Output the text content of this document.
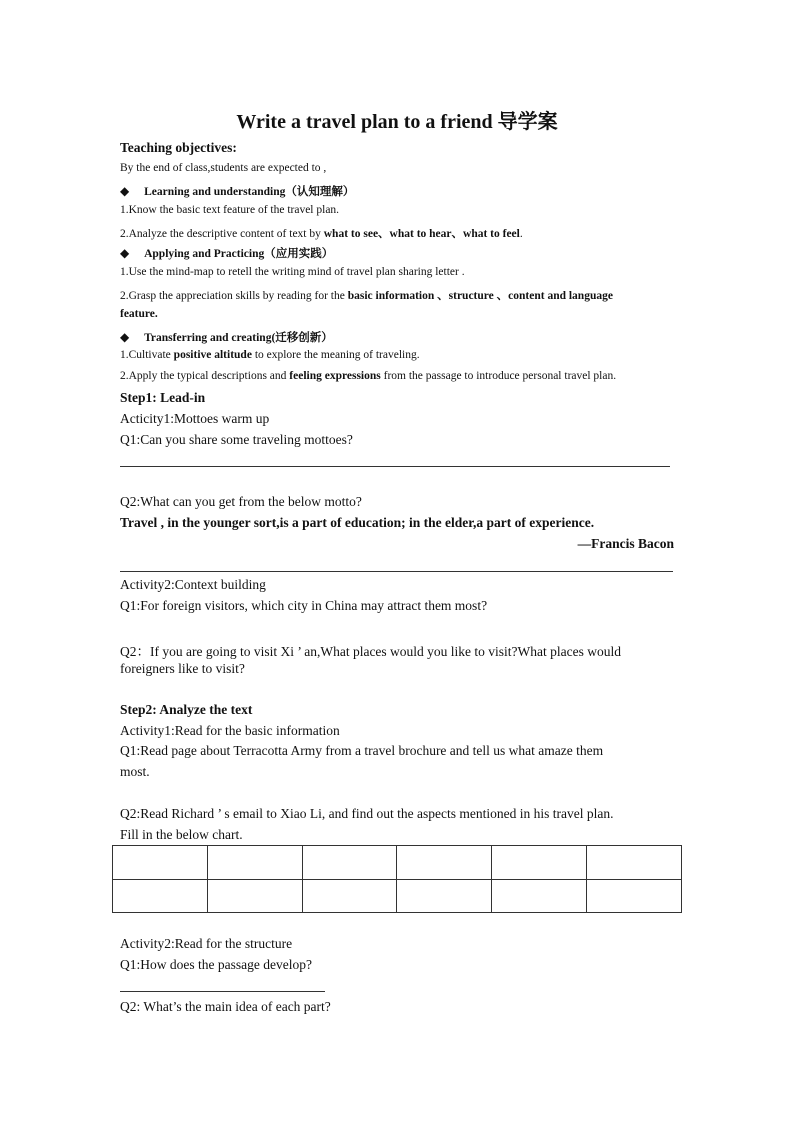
Write a travel plan to a friend 导学案
Teaching objectives:
By the end of class,students are expected to ,
◆ Learning and understanding（认知理解）
1.Know the basic text feature of the travel plan.
2.Analyze the descriptive content of text by what to see、what to hear、what to feel.
◆ Applying and Practicing（应用实践）
1.Use the mind-map to retell the writing mind of travel plan sharing letter .
2.Grasp the appreciation skills by reading for the basic information 、structure 、content and language
feature.
◆ Transferring and creating(迁移创新）
1.Cultivate positive altitude to explore the meaning of traveling.
2.Apply the typical descriptions and feeling expressions from the passage to introduce personal travel plan.
Step1: Lead-in
Acticity1:Mottoes warm up
Q1:Can you share some traveling mottoes?
Q2:What can you get from the below motto?
Travel , in the younger sort,is a part of education; in the elder,a part of experience.
—Francis Bacon
Activity2:Context building
Q1:For foreign visitors, which city in China may attract them most?
Q2：If you are going to visit Xi ’ an,What places would you like to visit?What places would
foreigners like to visit?
Step2: Analyze the text
Activity1:Read for the basic information
Q1:Read page about Terracotta Army from a travel brochure and tell us what amaze them
most.
Q2:Read Richard ’ s email to Xiao Li, and find out the aspects mentioned in his travel plan.
Fill in the below chart.

Activity2:Read for the structure
Q1:How does the passage develop?
Q2: What’s the main idea of each part?
